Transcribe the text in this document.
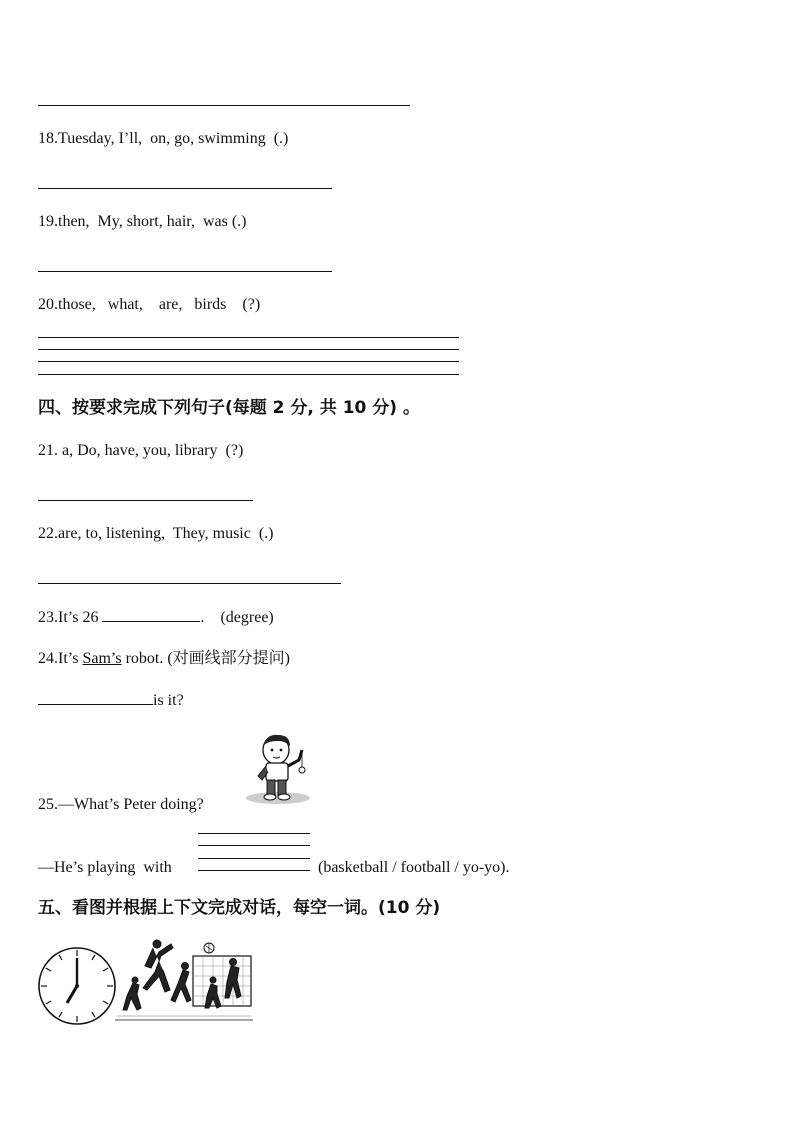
18.Tuesday, I’ll,  on, go, swimming  (.)
19.then,  My, short, hair,  was (.)
20.those,   what,    are,   birds    (?)
四、按要求完成下列句子(每题 2 分, 共 10 分) 。
21. a, Do, have, you, library  (?)
22.are, to, listening,  They, music  (.)
23.It’s 26	.    (degree)
24.It’s Sam’s robot. (对画线部分提问)
is it?
25.—What’s Peter doing?
—He’s playing  with	(basketball / football / yo-yo).
五、看图并根据上下文完成对话，每空一词。(10 分)
